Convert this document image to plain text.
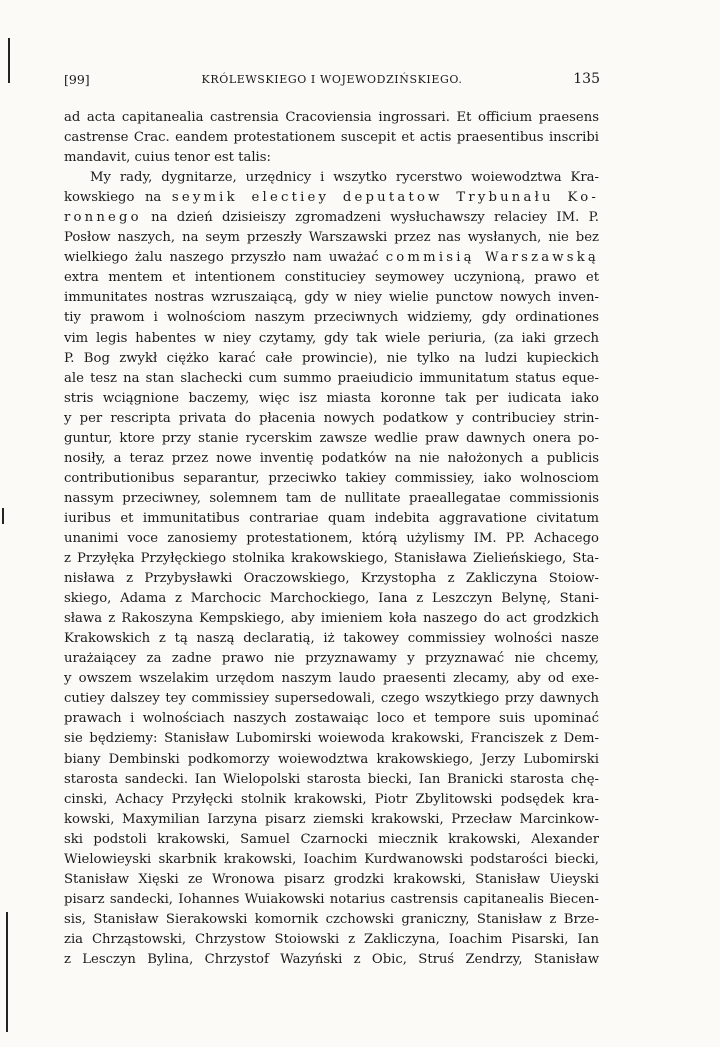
[99]	KRÓLEWSKIEGO I WOJEWODZIŃSKIEGO.	135
ad acta capitanealia castrensia Cracoviensia ingrossari. Et officium praesens
castrense Crac. eandem protestationem suscepit et actis praesentibus inscribi
mandavit, cuius tenor est talis:
My rady, dygnitarze, urzędnicy i wszytko rycerstwo woiewodztwa Kra-
kowskiego na seymik electiey deputatow Trybunału Ko-
ronnego na dzień dzisieiszy zgromadzeni wysłuchawszy relaciey IM. P.
Posłow naszych, na seym przeszły Warszawski przez nas wysłanych, nie bez
wielkiego żalu naszego przyszło nam uważać commisią Warszawską
extra mentem et intentionem constituciey seymowey uczynioną, prawo et
immunitates nostras wzruszaiącą, gdy w niey wielie punctow nowych inven-
tiy prawom i wolnościom naszym przeciwnych widziemy, gdy ordinationes
vim legis habentes w niey czytamy, gdy tak wiele periuria, (za iaki grzech
P. Bog zwykł ciężko karać całe prowincie), nie tylko na ludzi kupieckich
ale tesz na stan slachecki cum summo praeiudicio immunitatum status eque-
stris wciągnione baczemy, więc isz miasta koronne tak per iudicata iako
y per rescripta privata do płacenia nowych podatkow y contribuciey strin-
guntur, ktore przy stanie rycerskim zawsze wedlie praw dawnych onera po-
nosiły, a teraz przez nowe inventię podatków na nie nałożonych a publicis
contributionibus separantur, przeciwko takiey commissiey, iako wolnosciom
nassym przeciwney, solemnem tam de nullitate praeallegatae commissionis
iuribus et immunitatibus contrariae quam indebita aggravatione civitatum
unanimi voce zanosiemy protestationem, którą użylismy IM. PP. Achacego
z Przyłęka Przyłęckiego stolnika krakowskiego, Stanisława Zielieńskiego, Sta-
nisława z Przybysławki Oraczowskiego, Krzystopha z Zakliczyna Stoiow-
skiego, Adama z Marchocic Marchockiego, Iana z Leszczyn Belynę, Stani-
sława z Rakoszyna Kempskiego, aby imieniem koła naszego do act grodzkich
Krakowskich z tą naszą declaratią, iż takowey commissiey wolności nasze
urażaiącey za zadne prawo nie przyznawamy y przyznawać nie chcemy,
y owszem wszelakim urzędom naszym laudo praesenti zlecamy, aby od exe-
cutiey dalszey tey commissiey supersedowali, czego wszytkiego przy dawnych
prawach i wolnościach naszych zostawaiąc loco et tempore suis upominać
sie będziemy: Stanisław Lubomirski woiewoda krakowski, Franciszek z Dem-
biany Dembinski podkomorzy woiewodztwa krakowskiego, Jerzy Lubomirski
starosta sandecki. Ian Wielopolski starosta biecki, Ian Branicki starosta chę-
cinski, Achacy Przyłęcki stolnik krakowski, Piotr Zbylitowski podsędek kra-
kowski, Maxymilian Iarzyna pisarz ziemski krakowski, Przecław Marcinkow-
ski podstoli krakowski, Samuel Czarnocki miecznik krakowski, Alexander
Wielowieyski skarbnik krakowski, Ioachim Kurdwanowski podstarości biecki,
Stanisław Xięski ze Wronowa pisarz grodzki krakowski, Stanisław Uieyski
pisarz sandecki, Iohannes Wuiakowski notarius castrensis capitanealis Biecen-
sis, Stanisław Sierakowski komornik czchowski graniczny, Stanisław z Brze-
zia Chrząstowski, Chrzystow Stoiowski z Zakliczyna, Ioachim Pisarski, Ian
z Lesczyn Bylina, Chrzystof Wazyński z Obic, Struś Zendrzy, Stanisław
